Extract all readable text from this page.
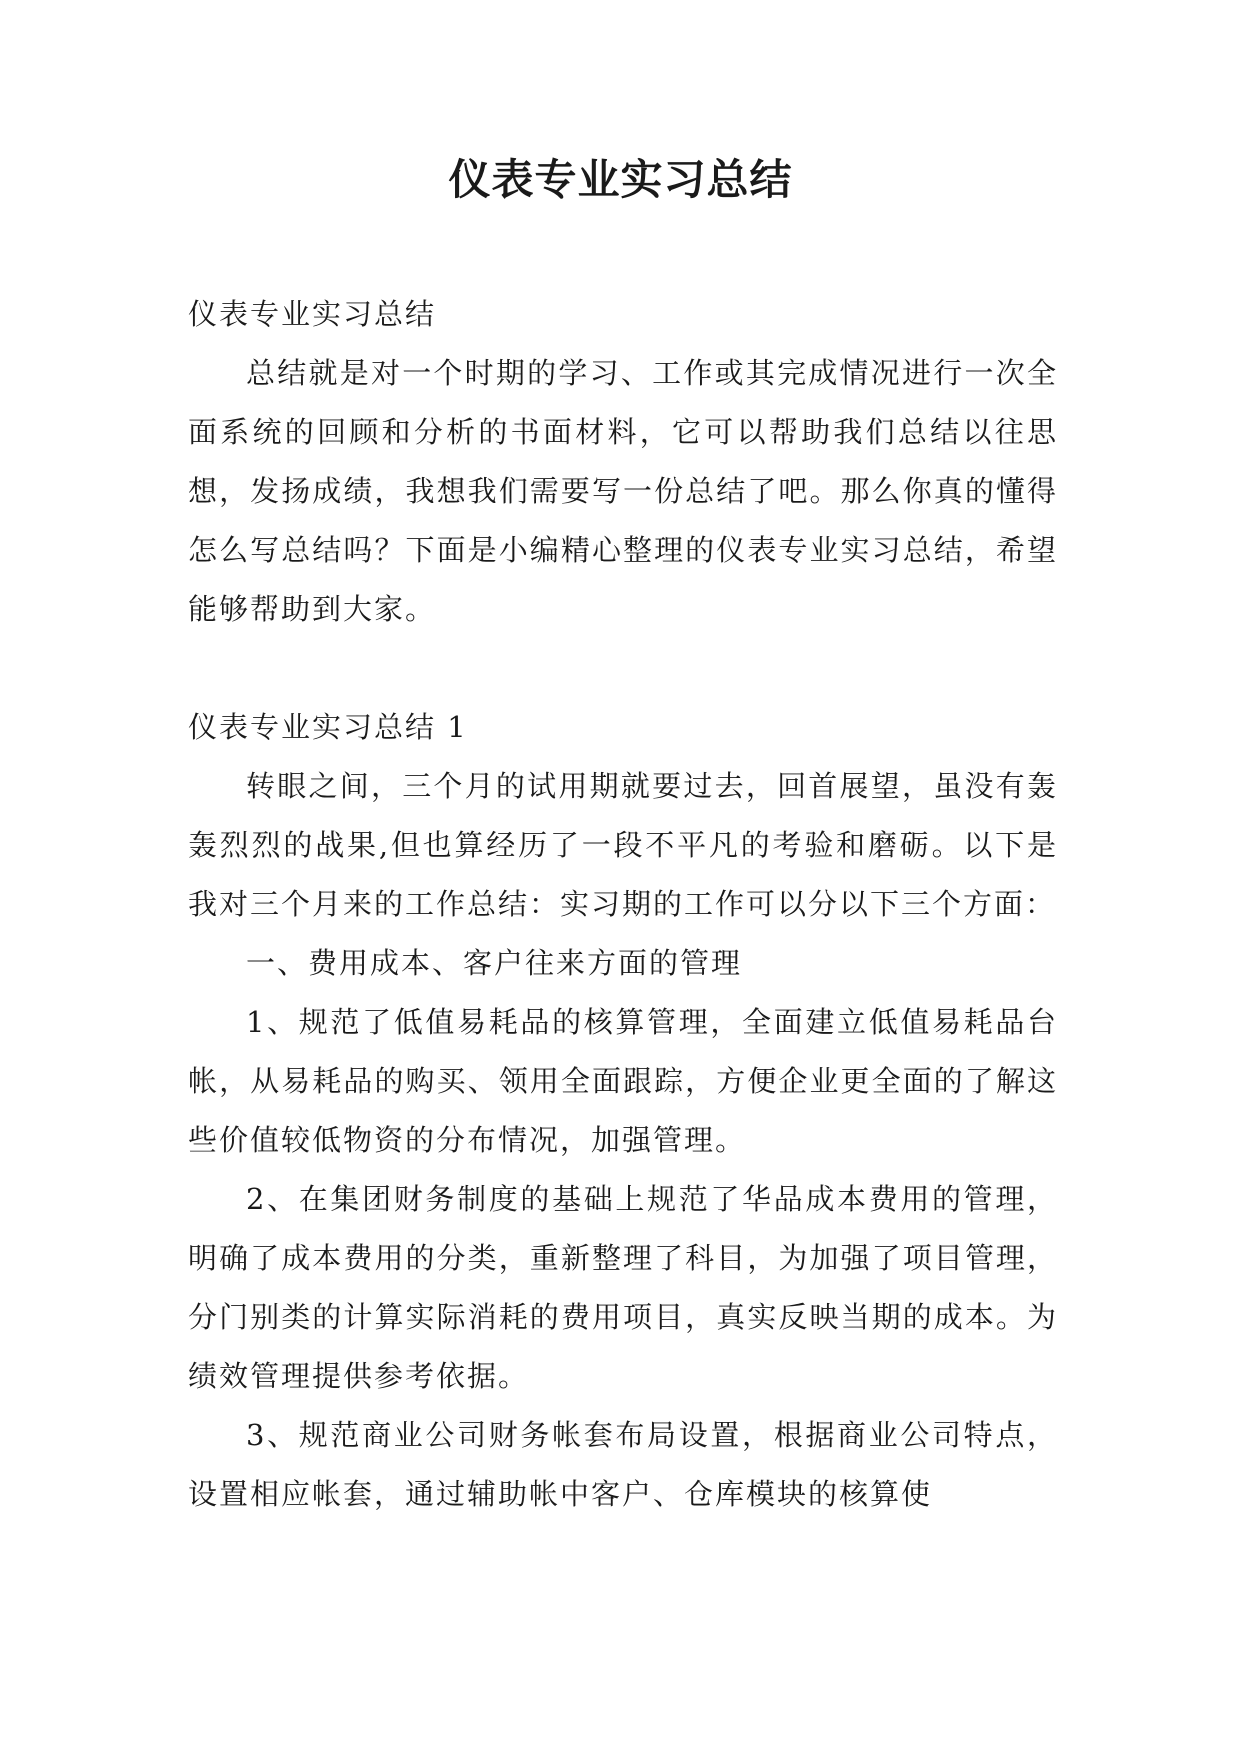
仪表专业实习总结

仪表专业实习总结

总结就是对一个时期的学习、工作或其完成情况进行一次全面系统的回顾和分析的书面材料，它可以帮助我们总结以往思想，发扬成绩，我想我们需要写一份总结了吧。那么你真的懂得怎么写总结吗？下面是小编精心整理的仪表专业实习总结，希望能够帮助到大家。

仪表专业实习总结 1

转眼之间，三个月的试用期就要过去，回首展望，虽没有轰轰烈烈的战果,但也算经历了一段不平凡的考验和磨砺。以下是我对三个月来的工作总结：实习期的工作可以分以下三个方面：

一、费用成本、客户往来方面的管理

1、规范了低值易耗品的核算管理，全面建立低值易耗品台帐，从易耗品的购买、领用全面跟踪，方便企业更全面的了解这些价值较低物资的分布情况，加强管理。

2、在集团财务制度的基础上规范了华品成本费用的管理，明确了成本费用的分类，重新整理了科目，为加强了项目管理，分门别类的计算实际消耗的费用项目，真实反映当期的成本。为绩效管理提供参考依据。

3、规范商业公司财务帐套布局设置，根据商业公司特点，设置相应帐套，通过辅助帐中客户、仓库模块的核算使
